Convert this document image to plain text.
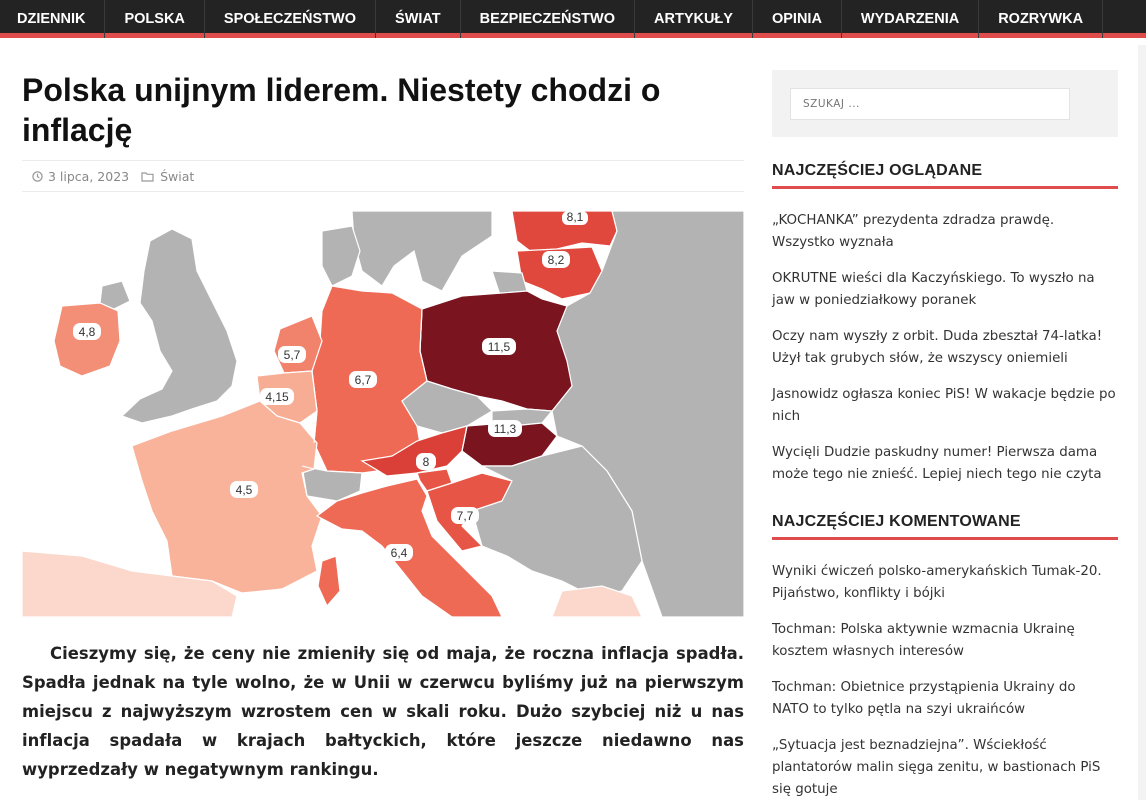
DZIENNIK	POLSKA	SPOŁECZEŃSTWO	ŚWIAT	BEZPIECZEŃSTWO	ARTYKUŁY	OPINIA	WYDARZENIA	ROZRYWKA
Polska unijnym liderem. Niestety chodzi o inflację
3 lipca, 2023 Świat
8,1
8,2
4,8
11,5
5,7
6,7
4,15
11,3
8
4,5
7,7
6,4

Cieszymy się, że ceny nie zmieniły się od maja, że roczna inflacja spadła. Spadła jednak na tyle wolno, że w Unii w czerwcu byliśmy już na pierwszym miejscu z najwyższym wzrostem cen w skali roku. Dużo szybciej niż u nas inflacja spadała w krajach bałtyckich, które jeszcze niedawno nas wyprzedzały w negatywnym rankingu.

SZUKAJ ...
NAJCZĘŚCIEJ OGLĄDANE
„KOCHANKA” prezydenta zdradza prawdę. Wszystko wyznała
OKRUTNE wieści dla Kaczyńskiego. To wyszło na jaw w poniedziałkowy poranek
Oczy nam wyszły z orbit. Duda zbeształ 74-latka! Użył tak grubych słów, że wszyscy oniemieli
Jasnowidz ogłasza koniec PiS! W wakacje będzie po nich
Wycięli Dudzie paskudny numer! Pierwsza dama może tego nie znieść. Lepiej niech tego nie czyta
NAJCZĘŚCIEJ KOMENTOWANE
Wyniki ćwiczeń polsko-amerykańskich Tumak-20. Pijaństwo, konflikty i bójki
Tochman: Polska aktywnie wzmacnia Ukrainę kosztem własnych interesów
Tochman: Obietnice przystąpienia Ukrainy do NATO to tylko pętla na szyi ukraińców
„Sytuacja jest beznadziejna”. Wściekłość plantatorów malin sięga zenitu, w bastionach PiS się gotuje
